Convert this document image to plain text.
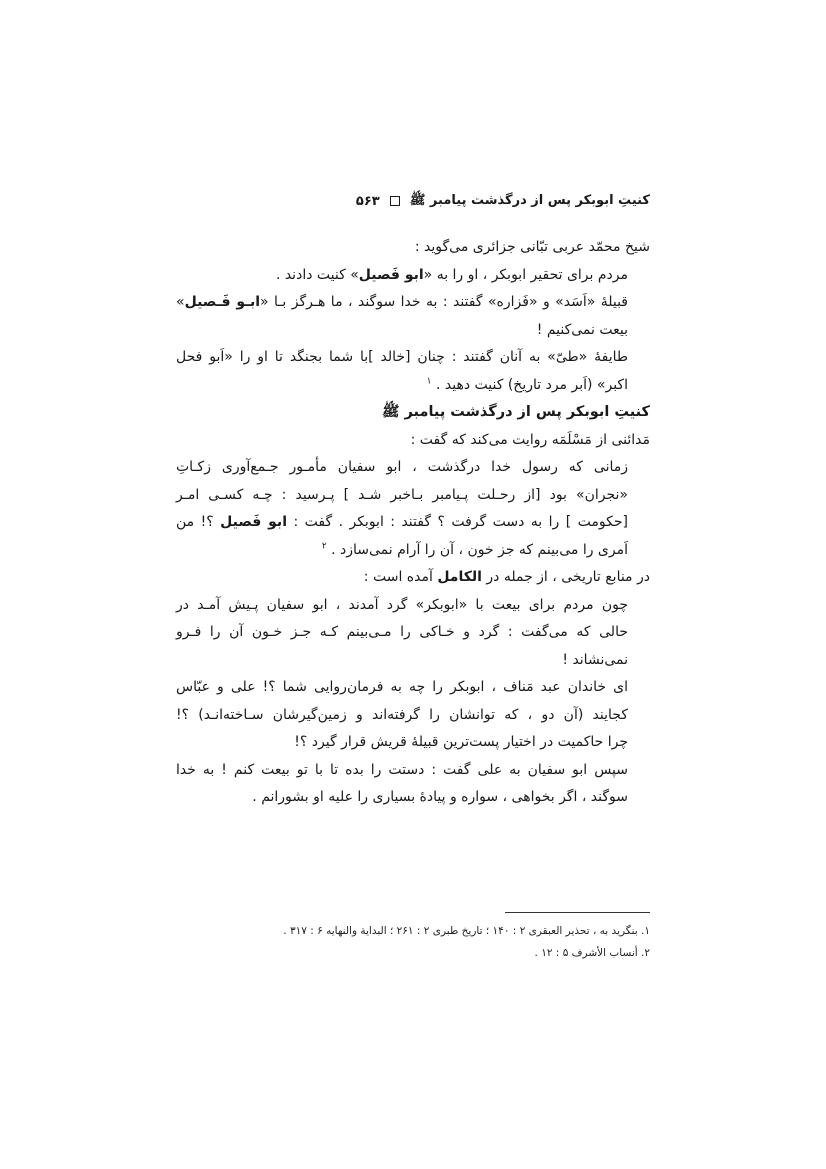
کنیتِ ابوبکر پس از درگذشت پیامبر ﷺ
۵۶۳
شیخ محمّد عربی تبّانی جزائری می‌گوید :
مردم برای تحقیر ابوبکر ، او را به «ابو فَصیل» کنیت دادند .
قبیلهٔ «اَسَد» و «فَزاره» گفتند : به خدا سوگند ، ما هـرگز بـا «ابـو فَـصیل»
بیعت نمی‌کنیم !
طایفهٔ «طیّ» به آنان گفتند : چنان [خالد ]با شما بجنگد تا او را «اَبو فحل
اکبر» (اَبر مرد تاریخ) کنیت دهید . $^۱$
کنیتِ ابوبکر پس از درگذشت پیامبر ﷺ
مَدائنی از مَسْلَمَه روایت می‌کند که گفت :
زمانی که رسول خدا درگذشت ، ابو سفیان مأمـور جـمع‌آوری زکـاتِ
«نجران» بود [از رحـلت پـیامبر بـاخبر شـد ] پـرسید : چـه کسـی امـر
[حکومت ] را به دست گرفت ؟ گفتند : ابوبکر . گفت : ابو فَصیل ؟! من
اَمری را می‌بینم که جز خون ، آن را آرام نمی‌سازد . $^۲$
در منابع تاریخی ، از جمله در الکامل آمده است :
چون مردم برای بیعت با «ابوبکر» گرد آمدند ، ابو سفیان پـیش آمـد در
حالی که می‌گفت : گرد و خـاکی را مـی‌بینم کـه جـز خـون آن را فـرو
نمی‌نشاند !
ای خاندان عبد مَناف ، ابوبکر را چه به فرمان‌روایی شما ؟! علی و عبّاس
کجایند (آن دو ، که توانشان را گرفته‌اند و زمین‌گیرشان سـاخته‌انـد) ؟!
چرا حاکمیت در اختیار پست‌ترین قبیلهٔ قریش قرار گیرد ؟!
سپس ابو سفیان به علی گفت : دستت را بده تا با تو بیعت کنم ! به خدا
سوگند ، اگر بخواهی ، سواره و پیادهٔ بسیاری را علیه او بشورانم .
۱. بنگرید به ، تحذیر العبقری ۲ : ۱۴۰ ؛ تاریخ طبری ۲ : ۲۶۱ ؛ البدایة والنهایه ۶ : ۳۱۷ .
۲. أنساب الأشرف ۵ : ۱۲ .
